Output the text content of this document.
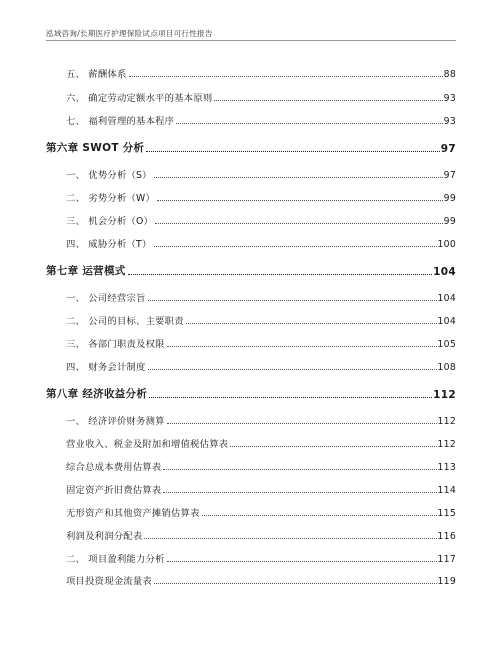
泓域咨询/长期医疗护理保险试点项目可行性报告
五、 薪酬体系	88
六、 确定劳动定额水平的基本原则	93
七、 福利管理的基本程序	93
第六章 SWOT 分析	97
一、 优势分析（S）	97
二、 劣势分析（W）	99
三、 机会分析（O）	99
四、 威胁分析（T）	100
第七章 运营模式	104
一、 公司经营宗旨	104
二、 公司的目标、主要职责	104
三、 各部门职责及权限	105
四、 财务会计制度	108
第八章 经济收益分析	112
一、 经济评价财务测算	112
营业收入、税金及附加和增值税估算表	112
综合总成本费用估算表	113
固定资产折旧费估算表	114
无形资产和其他资产摊销估算表	115
利润及利润分配表	116
二、 项目盈利能力分析	117
项目投资现金流量表	119
